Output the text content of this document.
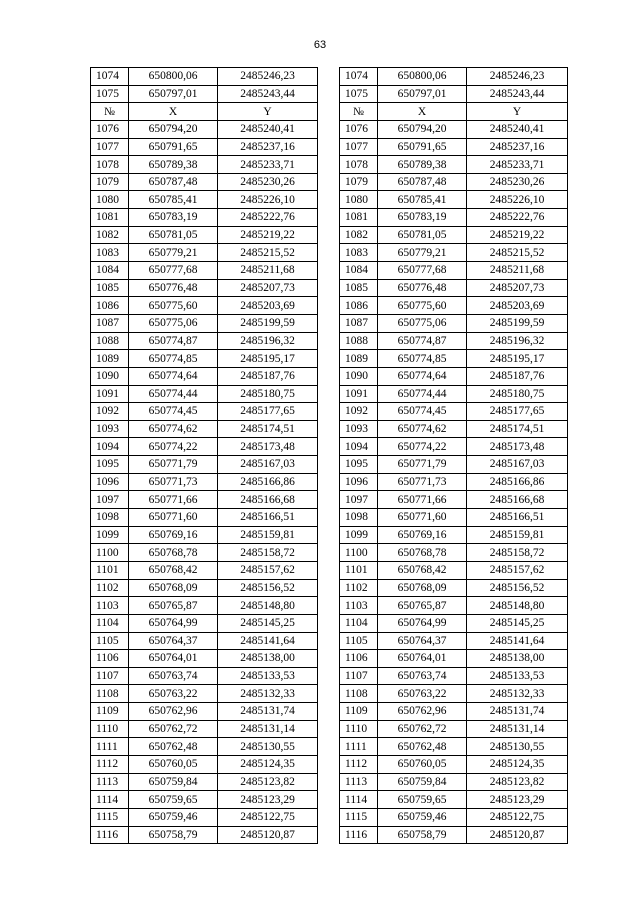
63
1074	650800,06	2485246,23		1074	650800,06	2485246,23
1075	650797,01	2485243,44		1075	650797,01	2485243,44
№	X	Y		№	X	Y
1076	650794,20	2485240,41		1076	650794,20	2485240,41
1077	650791,65	2485237,16		1077	650791,65	2485237,16
1078	650789,38	2485233,71		1078	650789,38	2485233,71
1079	650787,48	2485230,26		1079	650787,48	2485230,26
1080	650785,41	2485226,10		1080	650785,41	2485226,10
1081	650783,19	2485222,76		1081	650783,19	2485222,76
1082	650781,05	2485219,22		1082	650781,05	2485219,22
1083	650779,21	2485215,52		1083	650779,21	2485215,52
1084	650777,68	2485211,68		1084	650777,68	2485211,68
1085	650776,48	2485207,73		1085	650776,48	2485207,73
1086	650775,60	2485203,69		1086	650775,60	2485203,69
1087	650775,06	2485199,59		1087	650775,06	2485199,59
1088	650774,87	2485196,32		1088	650774,87	2485196,32
1089	650774,85	2485195,17		1089	650774,85	2485195,17
1090	650774,64	2485187,76		1090	650774,64	2485187,76
1091	650774,44	2485180,75		1091	650774,44	2485180,75
1092	650774,45	2485177,65		1092	650774,45	2485177,65
1093	650774,62	2485174,51		1093	650774,62	2485174,51
1094	650774,22	2485173,48		1094	650774,22	2485173,48
1095	650771,79	2485167,03		1095	650771,79	2485167,03
1096	650771,73	2485166,86		1096	650771,73	2485166,86
1097	650771,66	2485166,68		1097	650771,66	2485166,68
1098	650771,60	2485166,51		1098	650771,60	2485166,51
1099	650769,16	2485159,81		1099	650769,16	2485159,81
1100	650768,78	2485158,72		1100	650768,78	2485158,72
1101	650768,42	2485157,62		1101	650768,42	2485157,62
1102	650768,09	2485156,52		1102	650768,09	2485156,52
1103	650765,87	2485148,80		1103	650765,87	2485148,80
1104	650764,99	2485145,25		1104	650764,99	2485145,25
1105	650764,37	2485141,64		1105	650764,37	2485141,64
1106	650764,01	2485138,00		1106	650764,01	2485138,00
1107	650763,74	2485133,53		1107	650763,74	2485133,53
1108	650763,22	2485132,33		1108	650763,22	2485132,33
1109	650762,96	2485131,74		1109	650762,96	2485131,74
1110	650762,72	2485131,14		1110	650762,72	2485131,14
1111	650762,48	2485130,55		1111	650762,48	2485130,55
1112	650760,05	2485124,35		1112	650760,05	2485124,35
1113	650759,84	2485123,82		1113	650759,84	2485123,82
1114	650759,65	2485123,29		1114	650759,65	2485123,29
1115	650759,46	2485122,75		1115	650759,46	2485122,75
1116	650758,79	2485120,87		1116	650758,79	2485120,87
